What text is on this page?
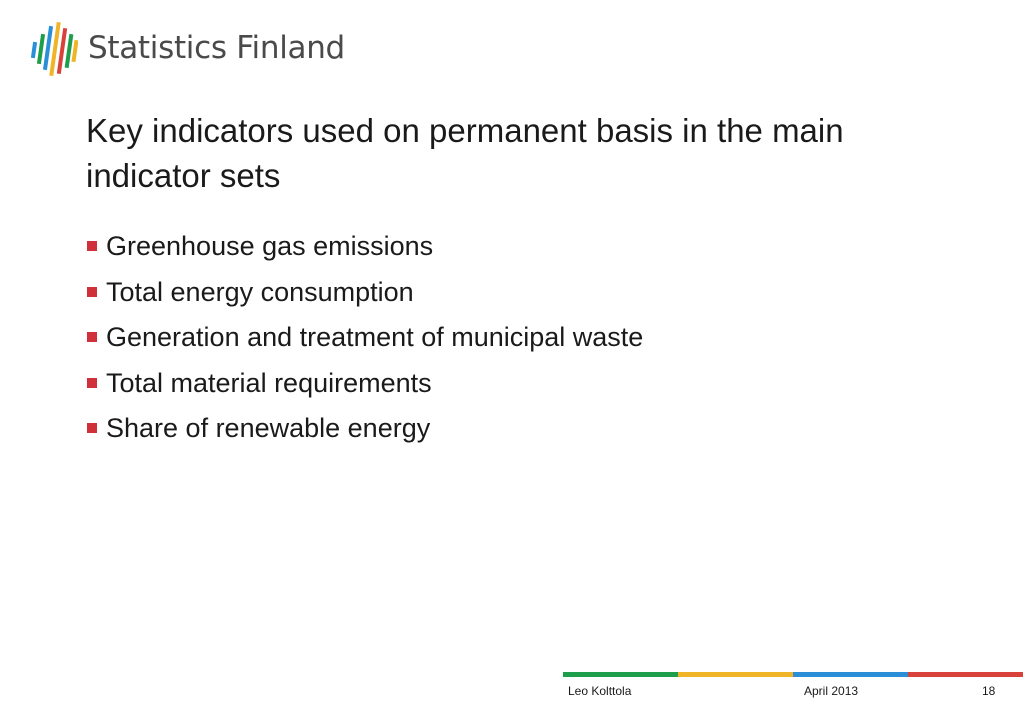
Statistics Finland
Key indicators used on permanent basis in the main indicator sets
Greenhouse gas emissions
Total energy consumption
Generation and treatment of municipal waste
Total material requirements
Share of renewable energy
Leo Kolttola	April 2013	18
